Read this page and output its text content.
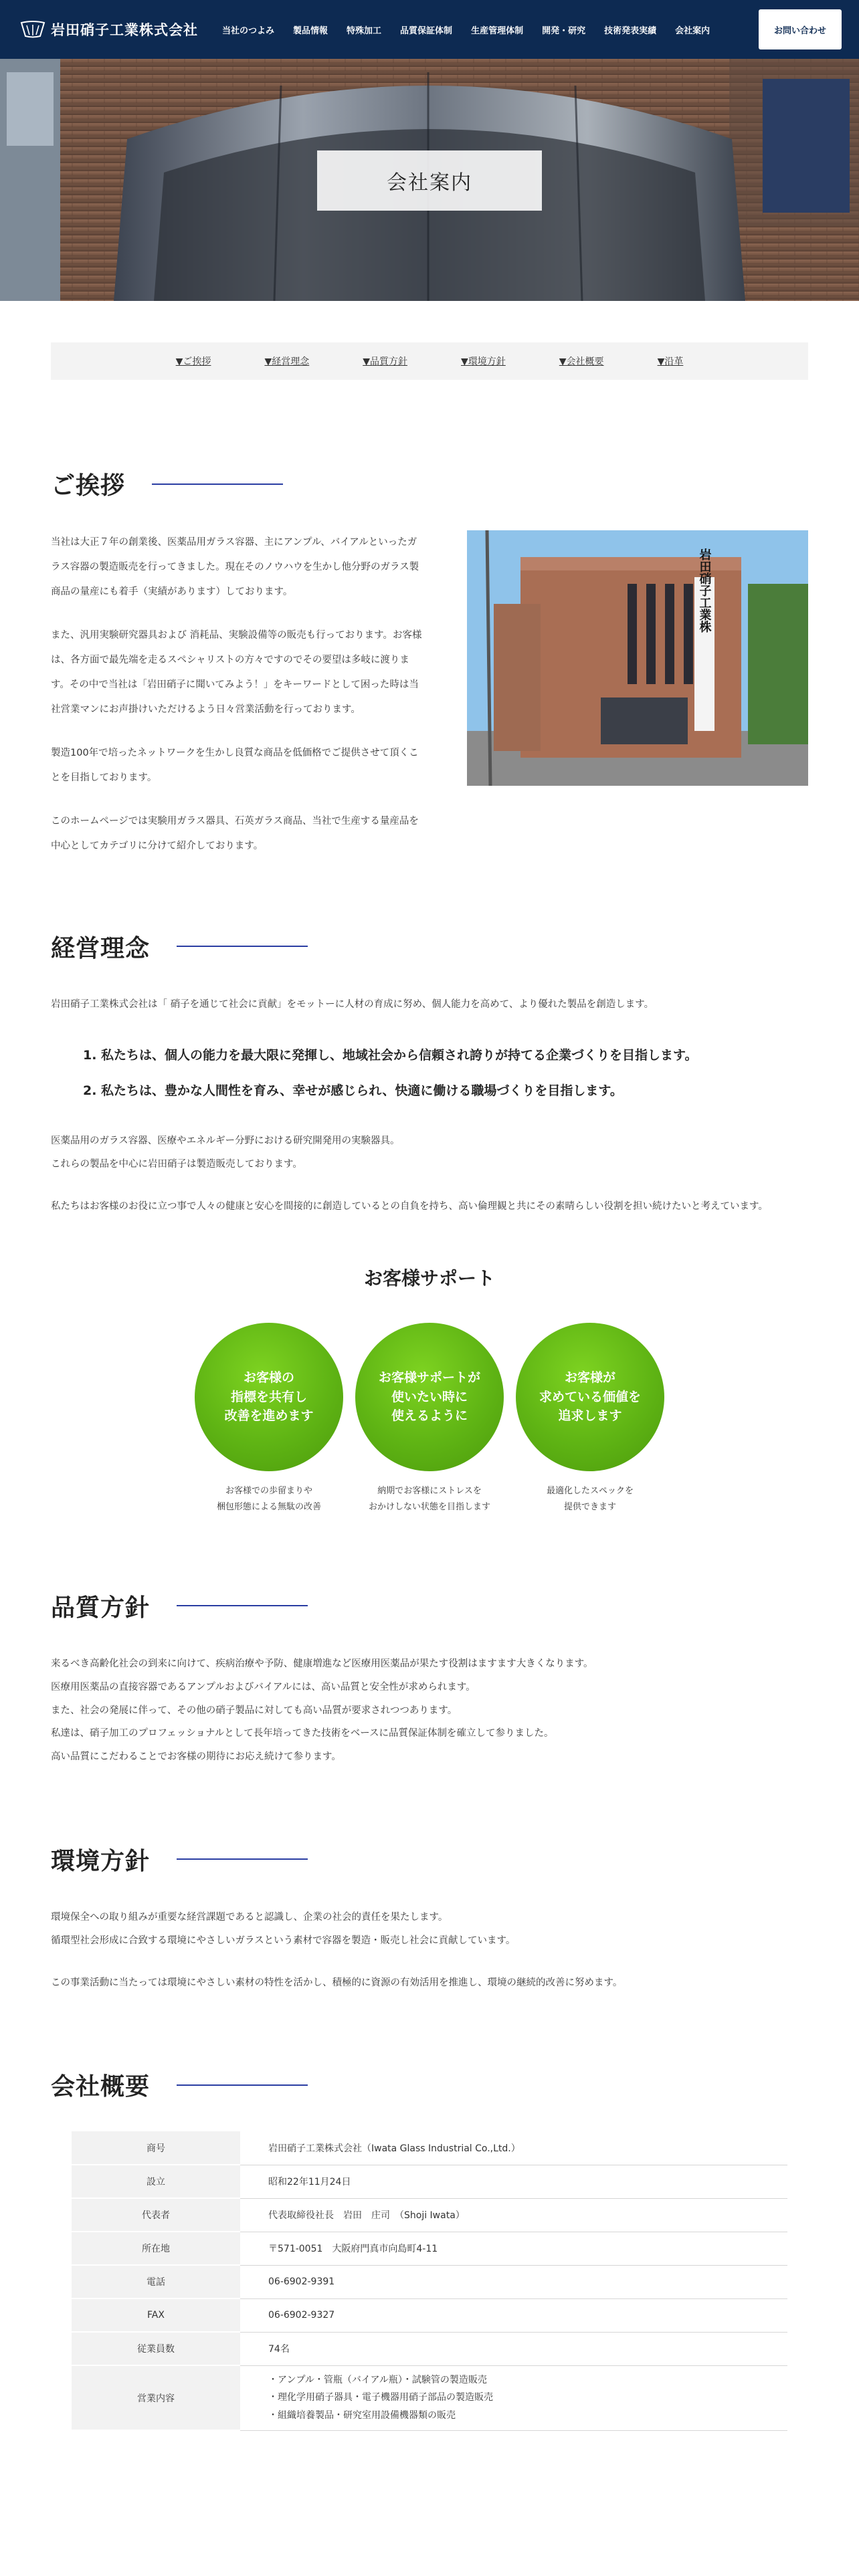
岩田硝子工業株式会社	当社のつよみ 製品情報 特殊加工 品質保証体制 生産管理体制 開発・研究 技術発表実績 会社案内	お問い合わせ
会社案内
▼ご挨拶	▼経営理念	▼品質方針	▼環境方針	▼会社概要	▼沿革
ご挨拶

当社は大正７年の創業後、医薬品用ガラス容器、主にアンプル、バイアルといったガラス容器の製造販売を行ってきました。現在そのノウハウを生かし他分野のガラス製商品の量産にも着手（実績があります）しております。

また、汎用実験研究器具および 消耗品、実験設備等の販売も行っております。お客様は、各方面で最先端を走るスペシャリストの方々ですのでその要望は多岐に渡ります。その中で当社は「岩田硝子に聞いてみよう！」をキーワードとして困った時は当社営業マンにお声掛けいただけるよう日々営業活動を行っております。

製造100年で培ったネットワークを生かし良質な商品を低価格でご提供させて頂くことを目指しております。

このホームページでは実験用ガラス器具、石英ガラス商品、当社で生産する量産品を中心としてカテゴリに分けて紹介しております。

岩田硝子工業株
経営理念

岩田硝子工業株式会社は「 硝子を通じて社会に貢献」をモットーに人材の育成に努め、個人能力を高めて、より優れた製品を創造します。

1. 私たちは、個人の能力を最大限に発揮し、地域社会から信頼され誇りが持てる企業づくりを目指します。
2. 私たちは、豊かな人間性を育み、幸せが感じられ、快適に働ける職場づくりを目指します。

医薬品用のガラス容器、医療やエネルギー分野における研究開発用の実験器具。

これらの製品を中心に岩田硝子は製造販売しております。

私たちはお客様のお役に立つ事で人々の健康と安心を間接的に創造しているとの自負を持ち、高い倫理観と共にその素晴らしい役割を担い続けたいと考えています。

お客様サポート
お客様の
指標を共有し
改善を進めます

お客様での歩留まりや
梱包形態による無駄の改善

お客様サポートが
使いたい時に
使えるように

納期でお客様にストレスを
おかけしない状態を目指します

お客様が
求めている価値を
追求します

最適化したスペックを
提供できます

品質方針

来るべき高齢化社会の到来に向けて、疾病治療や予防、健康増進など医療用医薬品が果たす役割はますます大きくなります。

医療用医薬品の直接容器であるアンプルおよびバイアルには、高い品質と安全性が求められます。

また、社会の発展に伴って、その他の硝子製品に対しても高い品質が要求されつつあります。

私達は、硝子加工のプロフェッショナルとして長年培ってきた技術をベースに品質保証体制を確立して参りました。

高い品質にこだわることでお客様の期待にお応え続けて参ります。

環境方針

環境保全への取り組みが重要な経営課題であると認識し、企業の社会的責任を果たします。

循環型社会形成に合致する環境にやさしいガラスという素材で容器を製造・販売し社会に貢献しています。

この事業活動に当たっては環境にやさしい素材の特性を活かし、積極的に資源の有効活用を推進し、環境の継続的改善に努めます。

会社概要
商号	岩田硝子工業株式会社（Iwata Glass Industrial Co.,Ltd.）
設立	昭和22年11月24日
代表者	代表取締役社長　岩田　庄司　（Shoji Iwata）
所在地	〒571-0051　大阪府門真市向島町4-11
電話	06-6902-9391
FAX	06-6902-9327
従業員数	74名
営業内容	・アンプル・管瓶（バイアル瓶）・試験管の製造販売
・理化学用硝子器具・電子機器用硝子部品の製造販売
・組織培養製品・研究室用設備機器類の販売
